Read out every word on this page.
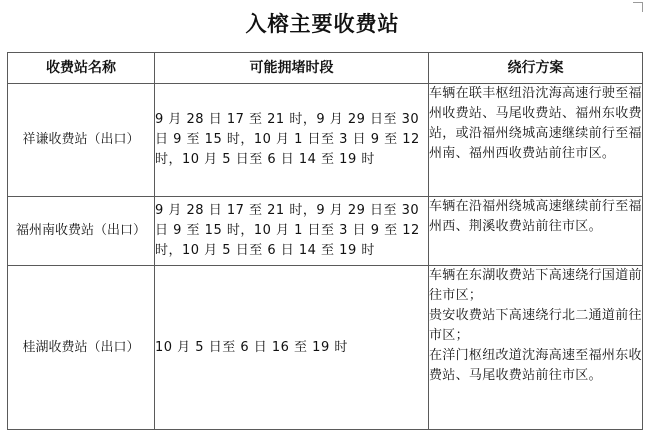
入榕主要收费站
收费站名称	可能拥堵时段	绕行方案
祥谦收费站（出口）	9 月 28 日 17 至 21 时，9 月 29 日至 30 日 9 至 15 时，10 月 1 日至 3 日 9 至 12 时，10 月 5 日至 6 日 14 至 19 时	车辆在联丰枢纽沿沈海高速行驶至福州收费站、马尾收费站、福州东收费站，或沿福州绕城高速继续前行至福州南、福州西收费站前往市区。

福州南收费站（出口）	9 月 28 日 17 至 21 时，9 月 29 日至 30 日 9 至 15 时，10 月 1 日至 3 日 9 至 12 时，10 月 5 日至 6 日 14 至 19 时	车辆在沿福州绕城高速继续前行至福州西、荆溪收费站前往市区。

桂湖收费站（出口）	10 月 5 日至 6 日 16 至 19 时	车辆在东湖收费站下高速绕行国道前往市区；
贵安收费站下高速绕行北二通道前往市区；
在洋门枢纽改道沈海高速至福州东收费站、马尾收费站前往市区。
